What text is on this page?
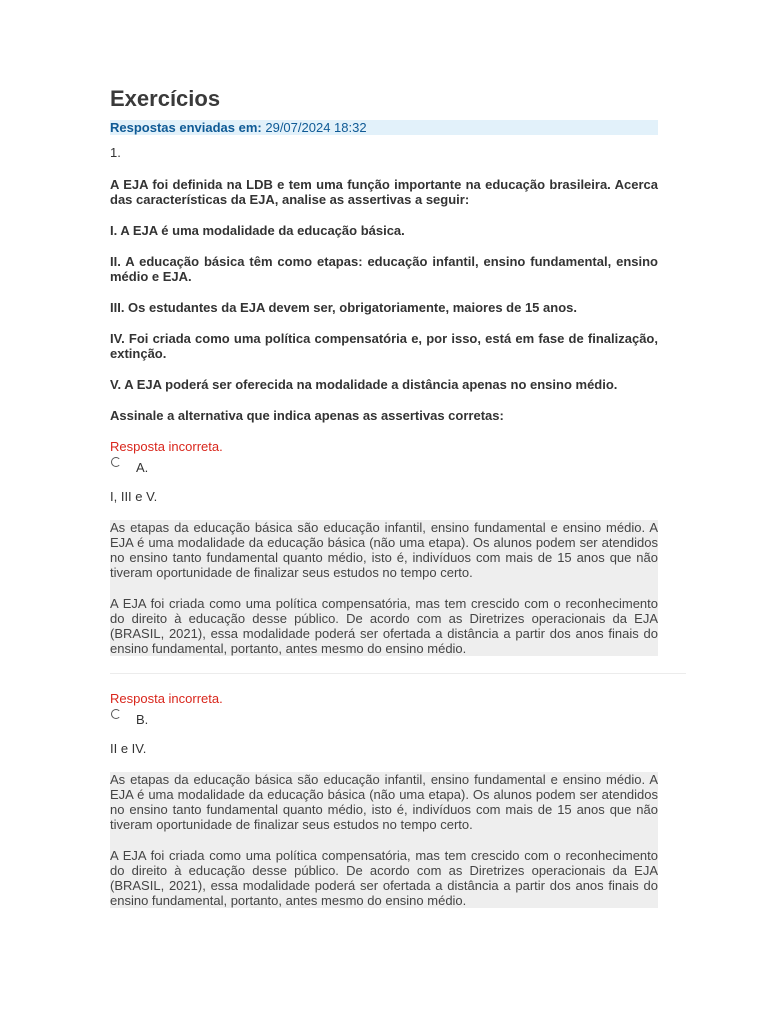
Exercícios
Respostas enviadas em: 29/07/2024 18:32
1.

A EJA foi definida na LDB e tem uma função importante na educação brasileira. Acerca das características da EJA, analise as assertivas a seguir:

I. A EJA é uma modalidade da educação básica.

II. A educação básica têm como etapas: educação infantil, ensino fundamental, ensino médio e EJA.

III. Os estudantes da EJA devem ser, obrigatoriamente, maiores de 15 anos.

IV. Foi criada como uma política compensatória e, por isso, está em fase de finalização, extinção.

V. A EJA poderá ser oferecida na modalidade a distância apenas no ensino médio.

Assinale a alternativa que indica apenas as assertivas corretas:

Resposta incorreta.
A.
I, III e V.

As etapas da educação básica são educação infantil, ensino fundamental e ensino médio. A EJA é uma modalidade da educação básica (não uma etapa). Os alunos podem ser atendidos no ensino tanto fundamental quanto médio, isto é, indivíduos com mais de 15 anos que não tiveram oportunidade de finalizar seus estudos no tempo certo.

A EJA foi criada como uma política compensatória, mas tem crescido com o reconhecimento do direito à educação desse público. De acordo com as Diretrizes operacionais da EJA (BRASIL, 2021), essa modalidade poderá ser ofertada a distância a partir dos anos finais do ensino fundamental, portanto, antes mesmo do ensino médio.

Resposta incorreta.
B.
II e IV.

As etapas da educação básica são educação infantil, ensino fundamental e ensino médio. A EJA é uma modalidade da educação básica (não uma etapa). Os alunos podem ser atendidos no ensino tanto fundamental quanto médio, isto é, indivíduos com mais de 15 anos que não tiveram oportunidade de finalizar seus estudos no tempo certo.

A EJA foi criada como uma política compensatória, mas tem crescido com o reconhecimento do direito à educação desse público. De acordo com as Diretrizes operacionais da EJA (BRASIL, 2021), essa modalidade poderá ser ofertada a distância a partir dos anos finais do ensino fundamental, portanto, antes mesmo do ensino médio.
